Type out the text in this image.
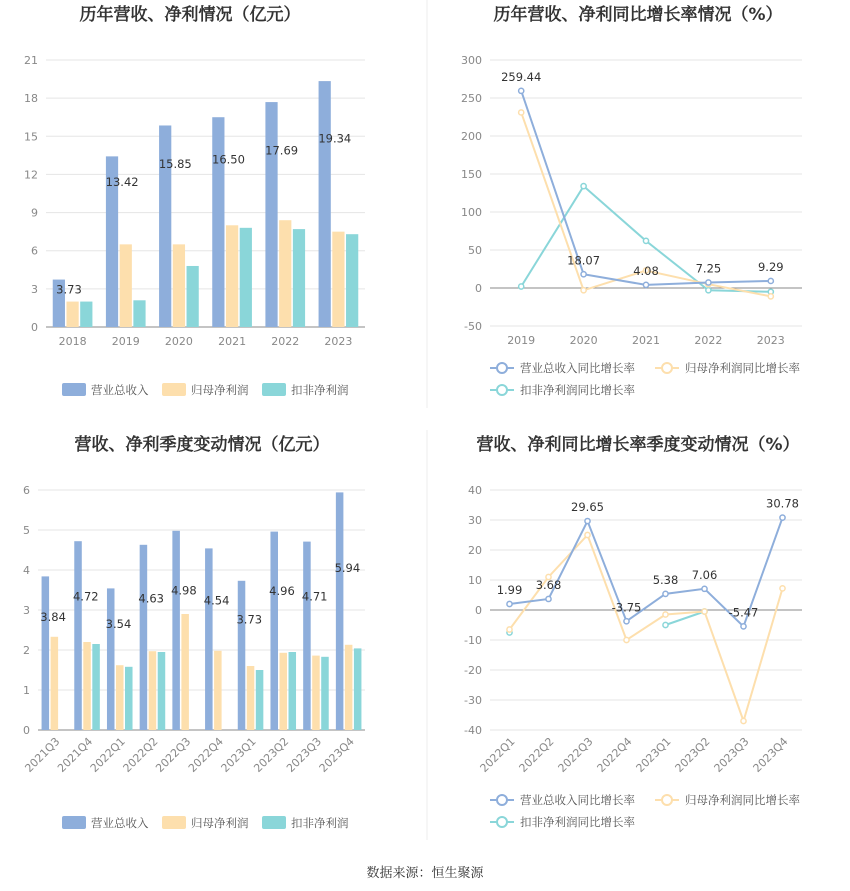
历年营收、净利情况（亿元）
0
3
6
9
12
15
18
21
3.73
13.42
15.85 16.50
17.69
19.34
2018 2019 2020 2021 2022 2023
营业总收入	归母净利润	扣非净利润
历年营收、净利同比增长率情况（%）
-50
0
50
100
150
200
250
300
259.44
18.07
4.08	7.25	9.29
2019	2020	2021	2022	2023
营业总收入同比增长率	归母净利润同比增长率
扣非净利润同比增长率
营收、净利季度变动情况（亿元）
0
1
2
3
4
5
6
3.84
4.72
3.54
4.63
4.98
4.54
3.73
4.96 4.71
5.94
2021Q3
2021Q4
2022Q1
2022Q2
2022Q3
2022Q4
2023Q1
2023Q2
2023Q3
2023Q4
营业总收入	归母净利润	扣非净利润
营收、净利同比增长率季度变动情况（%）
-40
-30
-20
-10
0
10
20
30
40
1.99 3.68
29.65
-3.75
5.38 7.06
-5.47
30.78
2022Q1
2022Q2
2022Q3
2022Q4
2023Q1
2023Q2
2023Q3
2023Q4
营业总收入同比增长率	归母净利润同比增长率
扣非净利润同比增长率
数据来源：恒生聚源
